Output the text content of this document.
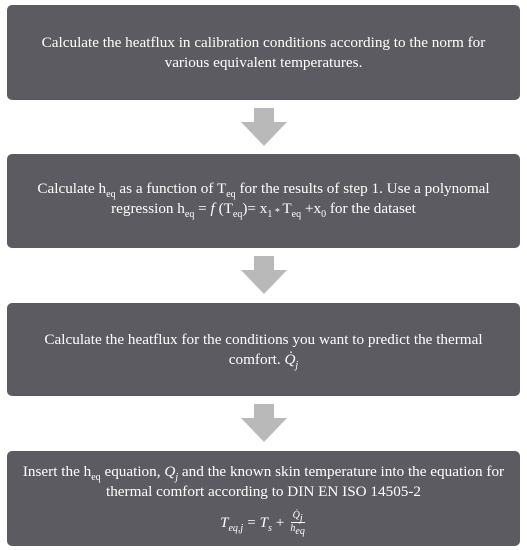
Calculate the heatflux in calibration conditions according to the norm for
various equivalent temperatures.
Calculate $h_{eq}$ as a function of $T_{eq}$ for the results of step 1. Use a polynomal
regression $h_{eq} = f$ $(T_{eq})= x_1 * T_{eq} +x_0$ for the dataset
Calculate the heatflux for the conditions you want to predict the thermal
comfort. $Q̇_j$
Insert the $h_{eq}$ equation, $Q_j$ and the known skin temperature into the equation for
thermal comfort according to DIN EN ISO 14505-2
$T_{eq,j} = T_s + \frac{Q̇_j}{h_{eq}}$
